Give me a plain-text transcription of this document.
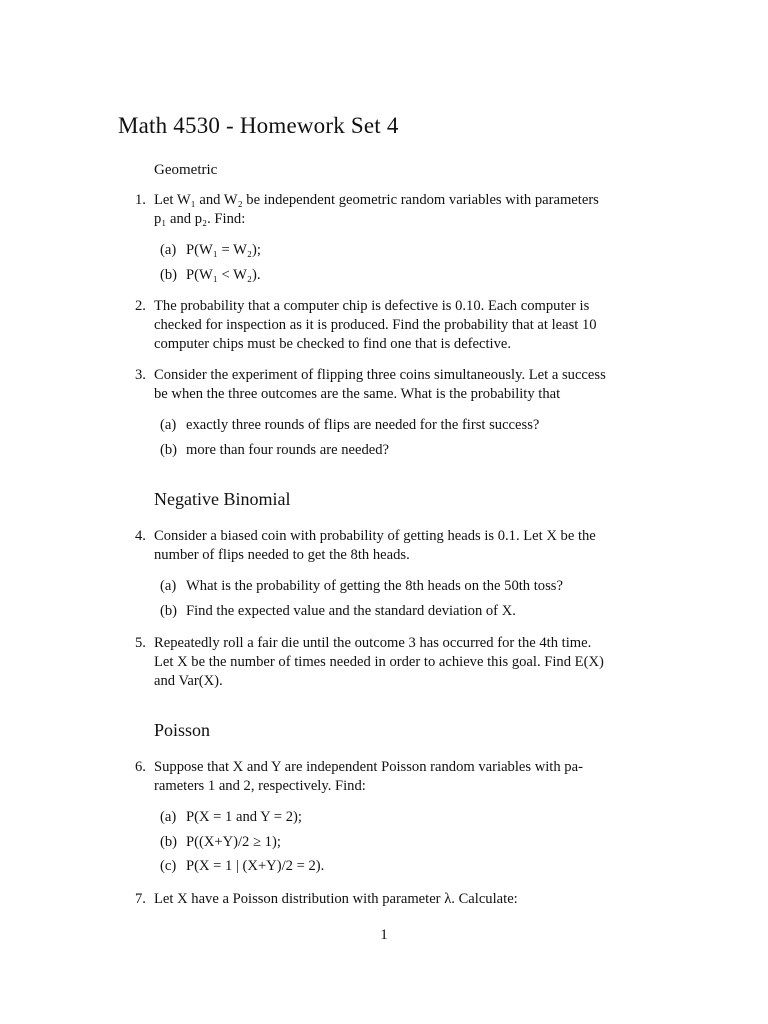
Math 4530 - Homework Set 4
Geometric
1. Let W₁ and W₂ be independent geometric random variables with parameters
p₁ and p₂. Find:
(a) P(W₁ = W₂);
(b) P(W₁ < W₂).
2. The probability that a computer chip is defective is 0.10. Each computer is
checked for inspection as it is produced. Find the probability that at least 10
computer chips must be checked to find one that is defective.
3. Consider the experiment of flipping three coins simultaneously. Let a success
be when the three outcomes are the same. What is the probability that
(a) exactly three rounds of flips are needed for the first success?
(b) more than four rounds are needed?
Negative Binomial
4. Consider a biased coin with probability of getting heads is 0.1. Let X be the
number of flips needed to get the 8th heads.
(a) What is the probability of getting the 8th heads on the 50th toss?
(b) Find the expected value and the standard deviation of X.
5. Repeatedly roll a fair die until the outcome 3 has occurred for the 4th time.
Let X be the number of times needed in order to achieve this goal. Find E(X)
and Var(X).
Poisson
6. Suppose that X and Y are independent Poisson random variables with pa-
rameters 1 and 2, respectively. Find:
(a) P(X = 1 and Y = 2);
(b) P((X+Y)/2 ≥ 1);
(c) P(X = 1 | (X+Y)/2 = 2).
7. Let X have a Poisson distribution with parameter λ. Calculate:
1
